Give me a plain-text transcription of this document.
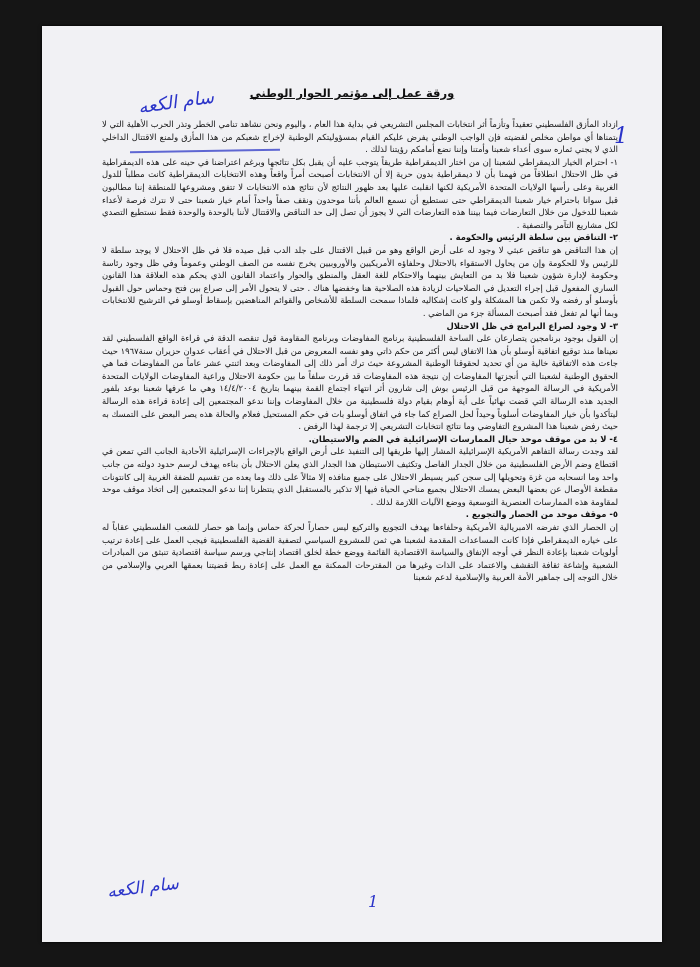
سام الكعه
1
ورقة عمل إلى مؤتمر الحوار الوطني

ازداد المأزق الفلسطيني تعقيداً وتأزماً أثر انتخابات المجلس التشريعي في بداية هذا العام ، واليوم ونحن نشاهد تنامي الخطر وتذر الحرب الأهلية التي لا يتمناها أي مواطن مخلص لقضيته فإن الواجب الوطني يفرض عليكم القيام بمسؤوليتكم الوطنية لإخراج شعبكم من هذا المأزق ولمنع الاقتتال الداخلي الذي لا يجني ثماره سوى أعداء شعبنا وأمتنا وإننا نضع أمامكم رؤيتنا لذلك .

١- احترام الخيار الديمقراطي لشعبنا إن من اختار الديمقراطية طريقاً يتوجب عليه أن يقبل بكل نتائجها وبرغم اعتراضنا في حينه على هذه الديمقراطية في ظل الاحتلال انطلاقاً من فهمنا بأن لا ديمقراطية بدون حرية إلا أن الانتخابات أصبحت أمراً واقعاً وهذه الانتخابات الديمقراطية كانت مطلباً للدول الغربية وعلى رأسها الولايات المتحدة الأمريكية لكنها انقلبت عليها بعد ظهور النتائج لأن نتائج هذه الانتخابات لا تتفق ومشروعها للمنطقة إننا مطالبون قبل سوانا باحترام خيار شعبنا الديمقراطي حتى نستطيع أن نسمع العالم بأننا موحدون ونقف صفاً واحداً أمام خيار شعبنا حتى لا نترك فرصة لأعداء شعبنا للدخول من خلال التعارضات فيما بيننا هذه التعارضات التي لا يجوز أن تصل إلى حد التناقض والاقتتال لأننا بالوحدة والوحدة فقط نستطيع التصدي لكل مشاريع التآمر والتصفية .

٢- التناقض بين سلطة الرئيس والحكومة .

إن هذا التناقض هو تناقض عبثي لا وجود له على أرض الواقع وهو من قبيل الاقتتال على جلد الدب قبل صيده فلا في ظل الاحتلال لا يوجد سلطة لا للرئيس ولا للحكومة وإن من يحاول الاستقواء بالاحتلال وحلفاؤه الأمريكيين والأوروبيين يخرج نفسه من الصف الوطني وعموماً وفي ظل وجود رئاسة وحكومة لإدارة شؤون شعبنا فلا بد من التعايش بينهما والاحتكام للغة العقل والمنطق والحوار واعتماد القانون الذي يحكم هذه العلاقة هذا القانون الساري المفعول قبل إجراء التعديل في الصلاحيات لزيادة هذه الصلاحية هنا وخفضها هناك . حتى لا يتحول الأمر إلى صراع بين فتح وحماس حول القبول بأوسلو أو رفضه ولا تكمن هنا المشكلة ولو كانت إشكاليه فلماذا سمحت السلطة للأشخاص والقوائم المناهضين بإسقاط أوسلو في الترشيح للانتخابات وبما أنها لم تفعل فقد أصبحت المسألة جزء من الماضي .

٣- لا وجود لصراع البرامج في ظل الاحتلال

إن القول بوجود برنامجين يتصارعان على الساحة الفلسطينية برنامج المفاوضات وبرنامج المقاومة قول تنقصه الدقة في قراءة الواقع الفلسطيني لقد نعيناها منذ توقيع اتفاقية أوسلو بأن هذا الاتفاق ليس أكثر من حكم ذاتي وهو نفسه المعروض من قبل الاحتلال في أعقاب عدوان حزيران سنة١٩٦٧ حيث جاءت هذه الاتفاقية خالية من أي تحديد لحقوقنا الوطنية المشروعة حيث ترك أمر ذلك إلى المفاوضات وبعد اثنتي عشر عاماً من المفاوضات فما هي الحقوق الوطنية لشعبنا التي أنجزتها المفاوضات إن نتيجة هذه المفاوضات قد قررت سلفاً ما بين حكومة الاحتلال وراعية المفاوضات الولايات المتحدة الأمريكية في الرسالة الموجهة من قبل الرئيس بوش إلى شارون أثر انتهاء اجتماع القمة بينهما بتاريخ ١٤/٤/٢٠٠٤ وهي ما عرفها شعبنا بوعد بلفور الجديد هذه الرسالة التي قضت نهائياً على أية أوهام بقيام دولة فلسطينية من خلال المفاوضات وإننا ندعو المجتمعين إلى إعادة قراءة هذه الرسالة ليتأكدوا بأن خيار المفاوضات أسلوباً وحيداً لحل الصراع كما جاء في اتفاق أوسلو بات في حكم المستحيل فعلام والحالة هذه يصر البعض على التمسك به حيث رفض شعبنا هذا المشروع التفاوضي وما نتائج انتخابات التشريعي إلا ترجمة لهذا الرفض .

٤- لا بد من موقف موحد حيال الممارسات الإسرائيلية في الضم والاستيطان.

لقد وجدت رسالة التفاهم الأمريكية الإسرائيلية المشار إليها طريقها إلى التنفيذ على أرض الواقع بالإجراءات الإسرائيلية الأحادية الجانب التي تمعن في اقتطاع وضم الأرض الفلسطينية من خلال الجدار الفاصل وتكثيف الاستيطان هذا الجدار الذي يعلن الاحتلال بأن بناءه يهدف لرسم حدود دولته من جانب واحد وما انسحابه من غزة وتحويلها إلى سجن كبير يسيطر الاحتلال على جميع منافذه إلا مثالاً على ذلك وما يعده من تقسيم للضفة الغربية إلى كانتونات مقطعة الأوصال عن بعضها البعض يمسك الاحتلال بجميع مناحي الحياة فيها إلا تذكير بالمستقبل الذي ينتظرنا إننا ندعو المجتمعين إلى اتخاذ موقف موحد لمقاومة هذه الممارسات العنصرية التوسعية ووضع الآليات اللازمة لذلك .

٥- موقف موحد من الحصار والتجويع .

إن الحصار الذي تفرضه الامبريالية الأمريكية وحلفاءها يهدف التجويع والتركيع ليس حصاراً لحركة حماس وإنما هو حصار للشعب الفلسطيني عقاباً له على خياره الديمقراطي فإذا كانت المساعدات المقدمة لشعبنا هي ثمن للمشروع السياسي لتصفية القضية الفلسطينية فيجب العمل على إعادة ترتيب أولويات شعبنا بإعادة النظر في أوجه الإنفاق والسياسة الاقتصادية القائمة ووضع خطة لخلق اقتصاد إنتاجي ورسم سياسة اقتصادية تنبثق من المبادرات الشعبية وإشاعة ثقافة التقشف والاعتماد على الذات وغيرها من المقترحات الممكنة مع العمل على إعادة ربط قضيتنا بعمقها العربي والإسلامي من خلال التوجه إلى جماهير الأمة العربية والإسلامية لدعم شعبنا

سام الكعه	1
